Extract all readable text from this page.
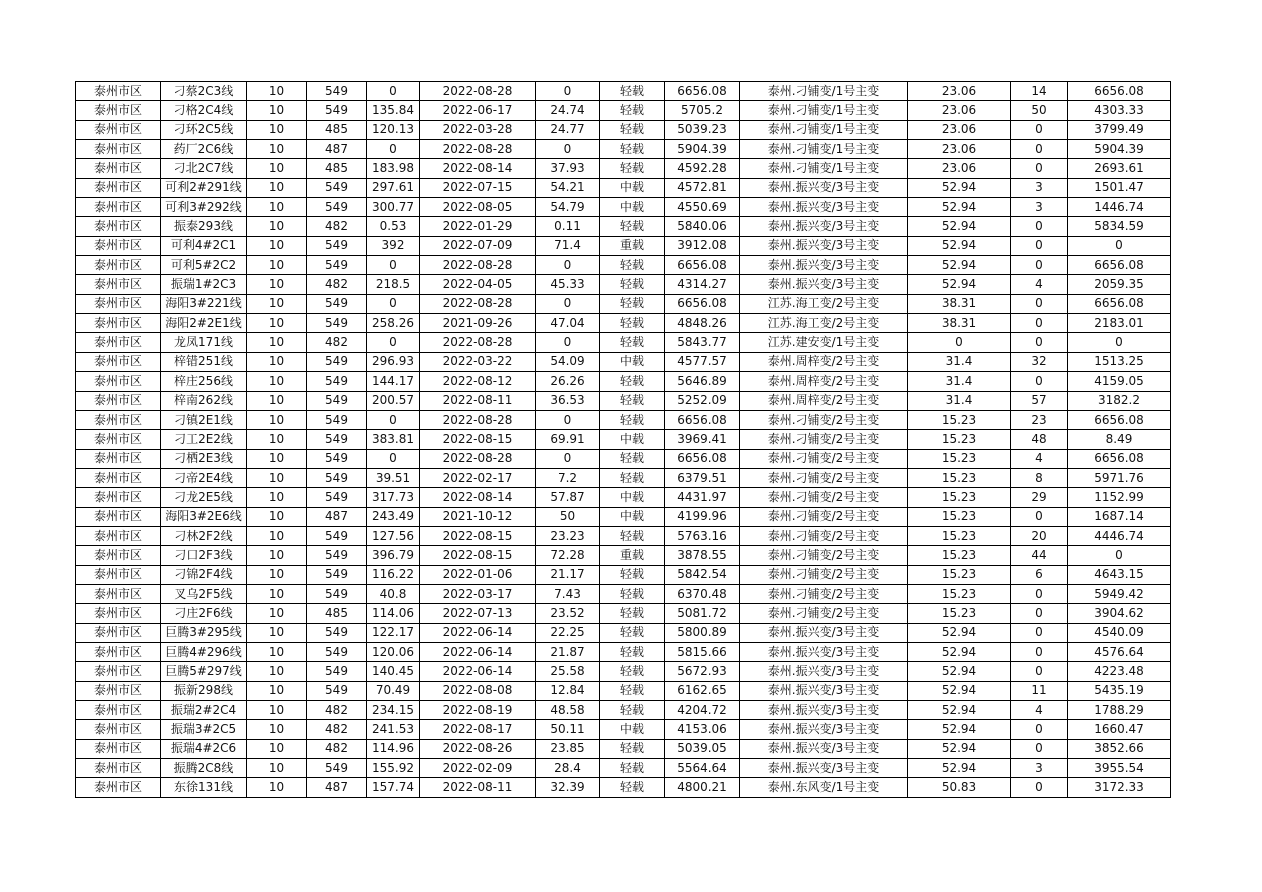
泰州市区	刁蔡2C3线	10	549	0	2022-08-28	0	轻载	6656.08	泰州.刁铺变/1号主变	23.06	14	6656.08
泰州市区	刁格2C4线	10	549	135.84	2022-06-17	24.74	轻载	5705.2	泰州.刁铺变/1号主变	23.06	50	4303.33
泰州市区	刁环2C5线	10	485	120.13	2022-03-28	24.77	轻载	5039.23	泰州.刁铺变/1号主变	23.06	0	3799.49
泰州市区	药厂2C6线	10	487	0	2022-08-28	0	轻载	5904.39	泰州.刁铺变/1号主变	23.06	0	5904.39
泰州市区	刁北2C7线	10	485	183.98	2022-08-14	37.93	轻载	4592.28	泰州.刁铺变/1号主变	23.06	0	2693.61
泰州市区	可利2#291线	10	549	297.61	2022-07-15	54.21	中载	4572.81	泰州.振兴变/3号主变	52.94	3	1501.47
泰州市区	可利3#292线	10	549	300.77	2022-08-05	54.79	中载	4550.69	泰州.振兴变/3号主变	52.94	3	1446.74
泰州市区	振泰293线	10	482	0.53	2022-01-29	0.11	轻载	5840.06	泰州.振兴变/3号主变	52.94	0	5834.59
泰州市区	可利4#2C1	10	549	392	2022-07-09	71.4	重载	3912.08	泰州.振兴变/3号主变	52.94	0	0
泰州市区	可利5#2C2	10	549	0	2022-08-28	0	轻载	6656.08	泰州.振兴变/3号主变	52.94	0	6656.08
泰州市区	振瑞1#2C3	10	482	218.5	2022-04-05	45.33	轻载	4314.27	泰州.振兴变/3号主变	52.94	4	2059.35
泰州市区	海阳3#221线	10	549	0	2022-08-28	0	轻载	6656.08	江苏.海工变/2号主变	38.31	0	6656.08
泰州市区	海阳2#2E1线	10	549	258.26	2021-09-26	47.04	轻载	4848.26	江苏.海工变/2号主变	38.31	0	2183.01
泰州市区	龙凤171线	10	482	0	2022-08-28	0	轻载	5843.77	江苏.建安变/1号主变	0	0	0
泰州市区	梓错251线	10	549	296.93	2022-03-22	54.09	中载	4577.57	泰州.周梓变/2号主变	31.4	32	1513.25
泰州市区	梓庄256线	10	549	144.17	2022-08-12	26.26	轻载	5646.89	泰州.周梓变/2号主变	31.4	0	4159.05
泰州市区	梓南262线	10	549	200.57	2022-08-11	36.53	轻载	5252.09	泰州.周梓变/2号主变	31.4	57	3182.2
泰州市区	刁镇2E1线	10	549	0	2022-08-28	0	轻载	6656.08	泰州.刁铺变/2号主变	15.23	23	6656.08
泰州市区	刁工2E2线	10	549	383.81	2022-08-15	69.91	中载	3969.41	泰州.刁铺变/2号主变	15.23	48	8.49
泰州市区	刁栖2E3线	10	549	0	2022-08-28	0	轻载	6656.08	泰州.刁铺变/2号主变	15.23	4	6656.08
泰州市区	刁帝2E4线	10	549	39.51	2022-02-17	7.2	轻载	6379.51	泰州.刁铺变/2号主变	15.23	8	5971.76
泰州市区	刁龙2E5线	10	549	317.73	2022-08-14	57.87	中载	4431.97	泰州.刁铺变/2号主变	15.23	29	1152.99
泰州市区	海阳3#2E6线	10	487	243.49	2021-10-12	50	中载	4199.96	泰州.刁铺变/2号主变	15.23	0	1687.14
泰州市区	刁林2F2线	10	549	127.56	2022-08-15	23.23	轻载	5763.16	泰州.刁铺变/2号主变	15.23	20	4446.74
泰州市区	刁口2F3线	10	549	396.79	2022-08-15	72.28	重载	3878.55	泰州.刁铺变/2号主变	15.23	44	0
泰州市区	刁锦2F4线	10	549	116.22	2022-01-06	21.17	轻载	5842.54	泰州.刁铺变/2号主变	15.23	6	4643.15
泰州市区	叉乌2F5线	10	549	40.8	2022-03-17	7.43	轻载	6370.48	泰州.刁铺变/2号主变	15.23	0	5949.42
泰州市区	刁庄2F6线	10	485	114.06	2022-07-13	23.52	轻载	5081.72	泰州.刁铺变/2号主变	15.23	0	3904.62
泰州市区	巨腾3#295线	10	549	122.17	2022-06-14	22.25	轻载	5800.89	泰州.振兴变/3号主变	52.94	0	4540.09
泰州市区	巨腾4#296线	10	549	120.06	2022-06-14	21.87	轻载	5815.66	泰州.振兴变/3号主变	52.94	0	4576.64
泰州市区	巨腾5#297线	10	549	140.45	2022-06-14	25.58	轻载	5672.93	泰州.振兴变/3号主变	52.94	0	4223.48
泰州市区	振新298线	10	549	70.49	2022-08-08	12.84	轻载	6162.65	泰州.振兴变/3号主变	52.94	11	5435.19
泰州市区	振瑞2#2C4	10	482	234.15	2022-08-19	48.58	轻载	4204.72	泰州.振兴变/3号主变	52.94	4	1788.29
泰州市区	振瑞3#2C5	10	482	241.53	2022-08-17	50.11	中载	4153.06	泰州.振兴变/3号主变	52.94	0	1660.47
泰州市区	振瑞4#2C6	10	482	114.96	2022-08-26	23.85	轻载	5039.05	泰州.振兴变/3号主变	52.94	0	3852.66
泰州市区	振腾2C8线	10	549	155.92	2022-02-09	28.4	轻载	5564.64	泰州.振兴变/3号主变	52.94	3	3955.54
泰州市区	东徐131线	10	487	157.74	2022-08-11	32.39	轻载	4800.21	泰州.东风变/1号主变	50.83	0	3172.33
